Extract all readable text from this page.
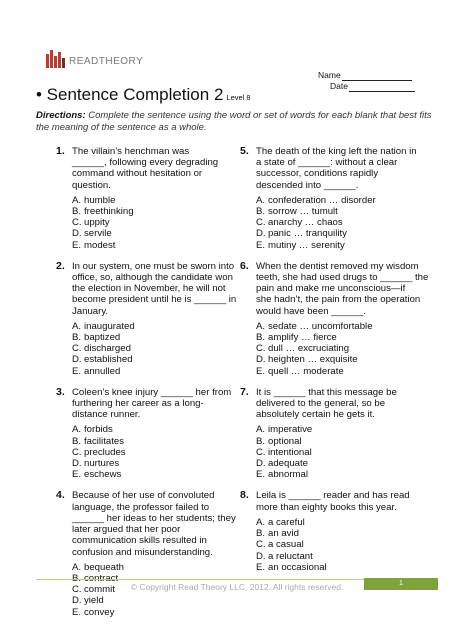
READTHEORY
Name
Date
• Sentence Completion 2 Level 8
Directions: Complete the sentence using the word or set of words for each blank that best fits the meaning of the sentence as a whole.
1. The villain’s henchman was
______, following every degrading
command without hesitation or
question.
A. humble
B. freethinking
C. uppity
D. servile
E. modest
2. In our system, one must be sworn into
office, so, although the candidate won
the election in November, he will not
become president until he is ______ in
January.
A. inaugurated
B. baptized
C. discharged
D. established
E. annulled
3. Coleen’s knee injury ______ her from
furthering her career as a long-
distance runner.
A. forbids
B. facilitates
C. precludes
D. nurtures
E. eschews
4. Because of her use of convoluted
language, the professor failed to
______ her ideas to her students; they
later argued that her poor
communication skills resulted in
confusion and misunderstanding.
A. bequeath
B. contract
C. commit
D. yield
E. convey
5. The death of the king left the nation in
a state of ______: without a clear
successor, conditions rapidly
descended into ______.
A. confederation … disorder
B. sorrow … tumult
C. anarchy … chaos
D. panic … tranquility
E. mutiny … serenity
6. When the dentist removed my wisdom
teeth, she had used drugs to ______ the
pain and make me unconscious—if
she hadn’t, the pain from the operation
would have been ______.
A. sedate … uncomfortable
B. amplify … fierce
C. dull … excruciating
D. heighten … exquisite
E. quell … moderate
7. It is ______ that this message be
delivered to the general, so be
absolutely certain he gets it.
A. imperative
B. optional
C. intentional
D. adequate
E. abnormal
8. Leila is ______ reader and has read
more than eighty books this year.
A. a careful
B. an avid
C. a casual
D. a reluctant
E. an occasional
© Copyright Read Theory LLC, 2012. All rights reserved.	1
